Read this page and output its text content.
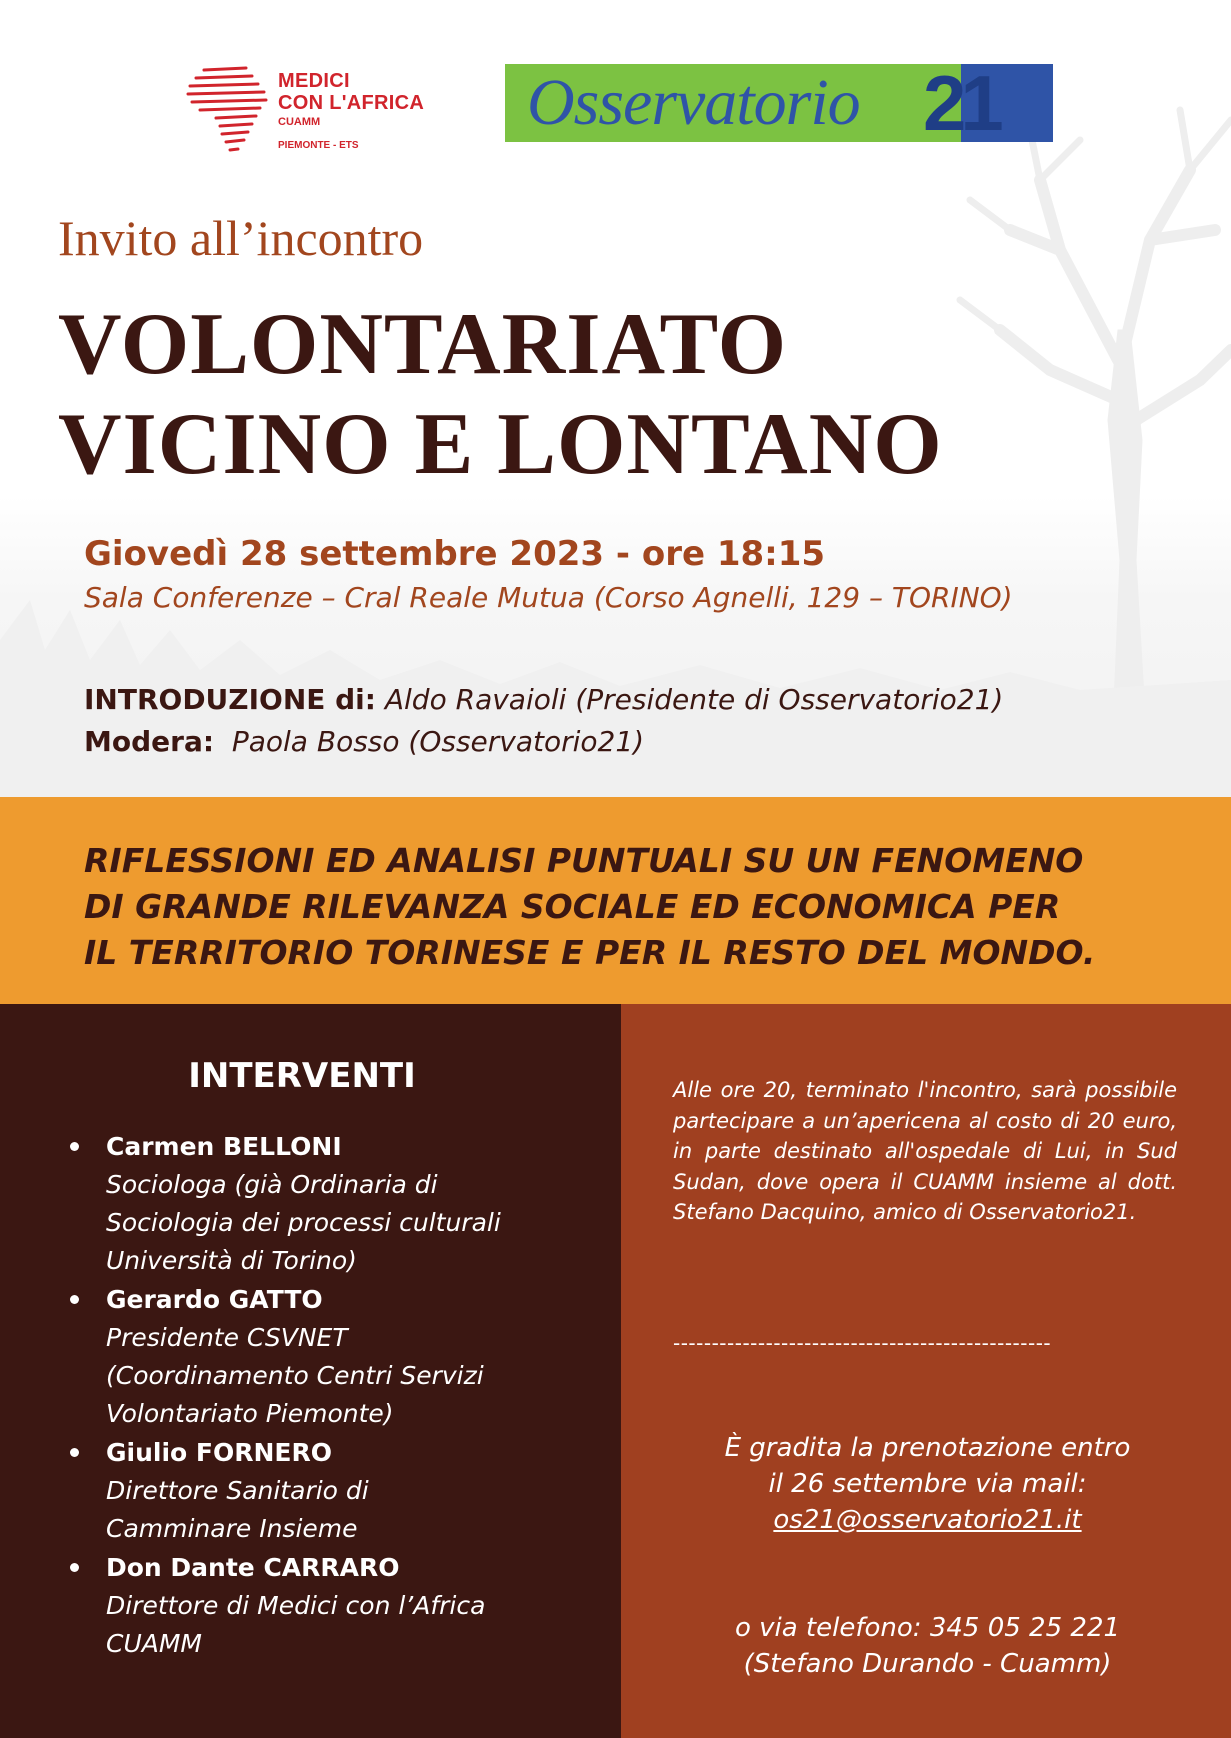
MEDICI
CON L'AFRICA
CUAMM
PIEMONTE - ETS
Osservatorio 21
Invito all’incontro
VOLONTARIATO
VICINO E LONTANO
Giovedì 28 settembre 2023 - ore 18:15
Sala Conferenze – Cral Reale Mutua (Corso Agnelli, 129 – TORINO)
INTRODUZIONE di: Aldo Ravaioli (Presidente di Osservatorio21)
Modera:  Paola Bosso (Osservatorio21)
RIFLESSIONI ED ANALISI PUNTUALI SU UN FENOMENO
DI GRANDE RILEVANZA SOCIALE ED ECONOMICA PER
IL TERRITORIO TORINESE E PER IL RESTO DEL MONDO.
INTERVENTI
Carmen BELLONI
Sociologa (già Ordinaria di
Sociologia dei processi culturali
Università di Torino)
Gerardo GATTO
Presidente CSVNET
(Coordinamento Centri Servizi
Volontariato Piemonte)
Giulio FORNERO
Direttore Sanitario di
Camminare Insieme
Don Dante CARRARO
Direttore di Medici con l’Africa
CUAMM
Alle ore 20, terminato l'incontro, sarà possibile partecipare a un’apericena al costo di 20 euro, in parte destinato all'ospedale di Lui, in Sud Sudan, dove opera il CUAMM insieme al dott. Stefano Dacquino, amico di Osservatorio21.
-------------------------------------------------
È gradita la prenotazione entro
il 26 settembre via mail:
os21@osservatorio21.it
o via telefono: 345 05 25 221
(Stefano Durando - Cuamm)
